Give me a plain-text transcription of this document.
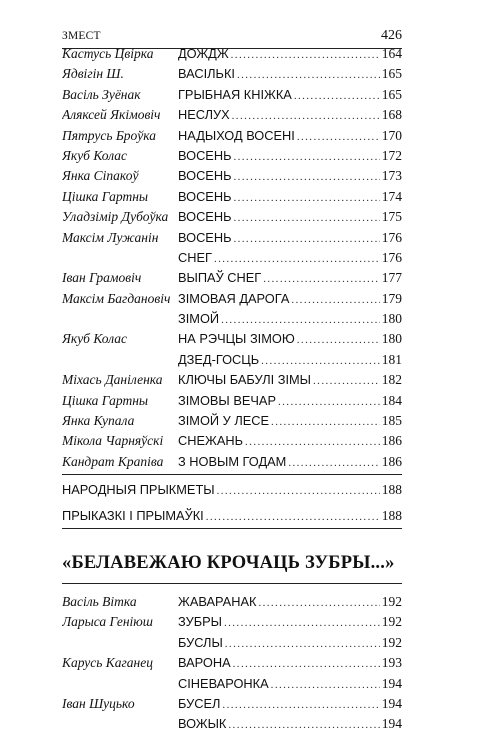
ЗМЕСТ	426
Кастусь Цвірка	ДОЖДЖ .....	164
Ядвігін Ш.	ВАСІЛЬКІ .....	165
Васіль Зуёнак	ГРЫБНАЯ КНІЖКА .....	165
Аляксей Якімовіч	НЕСЛУХ .....	168
Пятрусь Броўка	НАДЫХОД ВОСЕНІ .....	170
Якуб Колас	ВОСЕНЬ .....	172
Янка Сіпакоў	ВОСЕНЬ .....	173
Цішка Гартны	ВОСЕНЬ .....	174
Уладзімір Дубоўка ВОСЕНЬ .....	175
Максім Лужанін	ВОСЕНЬ .....	176
СНЕГ .....	176
Іван Грамовіч	ВЫПАЎ СНЕГ .....	177
Максім Багдановіч ЗІМОВАЯ ДАРОГА .....	179
ЗІМОЙ .....	180
Якуб Колас	НА РЭЧЦЫ ЗІМОЮ .....	180
ДЗЕД-ГОСЦЬ .....	181
Міхась Даніленка	КЛЮЧЫ БАБУЛІ ЗІМЫ .....	182
Цішка Гартны	ЗІМОВЫ ВЕЧАР .....	184
Янка Купала	ЗІМОЙ У ЛЕСЕ .....	185
Мікола Чарняўскі	СНЕЖАНЬ .....	186
Кандрат Крапіва	З НОВЫМ ГОДАМ .....	186
НАРОДНЫЯ ПРЫКМЕТЫ .....	188
ПРЫКАЗКІ І ПРЫМАЎКІ .....	188
«БЕЛАВЕЖАЮ КРОЧАЦЬ ЗУБРЫ...»
Васіль Вітка	ЖАВАРАНАК .....	192
Ларыса Геніюш	ЗУБРЫ .....	192
БУСЛЫ .....	192
Карусь Каганец	ВАРОНА .....	193
СІНЕВАРОНКА .....	194
Іван Шуцько	БУСЕЛ .....	194
ВОЖЫК .....	194
